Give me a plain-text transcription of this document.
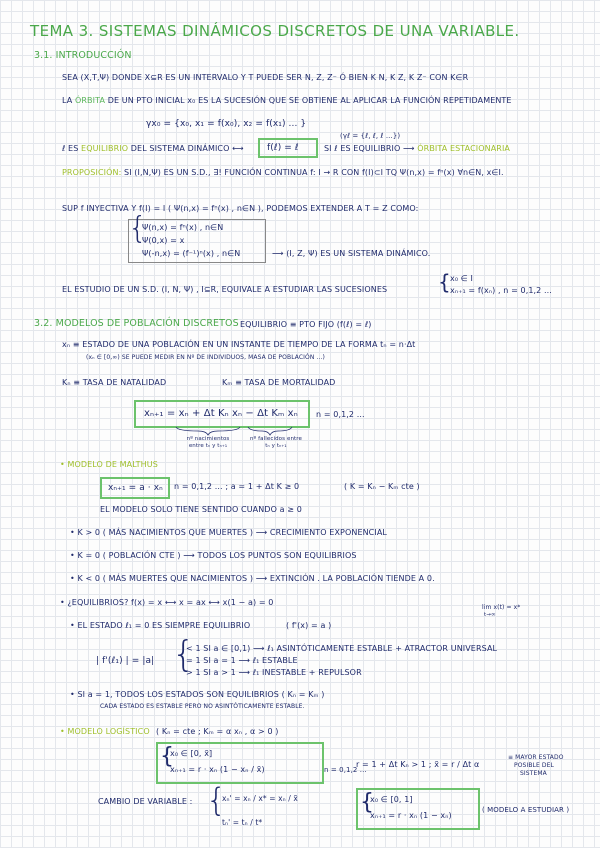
TEMA 3. SISTEMAS DINÁMICOS DISCRETOS DE UNA VARIABLE.
3.1. INTRODUCCIÓN
SEA (X,T,Ψ) DONDE X⊆R ES UN INTERVALO Y T PUEDE SER N, Z, Z⁻ Ó BIEN K N, K Z, K Z⁻ CON K∈R
LA ÓRBITA DE UN PTO INICIAL x₀ ES LA SUCESIÓN QUE SE OBTIENE AL APLICAR LA FUNCIÓN REPETIDAMENTE
γx₀ = {x₀, x₁ = f(x₀), x₂ = f(x₁) ... }
(γℓ = {ℓ, ℓ, ℓ ...})
ℓ ES EQUILIBRIO DEL SISTEMA DINÁMICO ⟷	f(ℓ) = ℓ	SI ℓ ES EQUILIBRIO ⟶ ÓRBITA ESTACIONARIA
PROPOSICIÓN: SI (I,N,Ψ) ES UN S.D., ∃! FUNCIÓN CONTINUA f: I → R CON f(I)⊂I TQ Ψ(n,x) = fⁿ(x) ∀n∈N, x∈I.
SUP f INYECTIVA Y f(I) = I ( Ψ(n,x) = fⁿ(x) , n∈N ), PODEMOS EXTENDER A T = Z COMO:
{
Ψ(n,x) = fⁿ(x) , n∈N
Ψ(0,x) = x
Ψ(-n,x) = (f⁻¹)ⁿ(x) , n∈N	⟶ (I, Z, Ψ) ES UN SISTEMA DINÁMICO.
EL ESTUDIO DE UN S.D. (I, N, Ψ) , I⊆R, EQUIVALE A ESTUDIAR LAS SUCESIONES	{ x₀ ∈ I
xₙ₊₁ = f(xₙ) , n = 0,1,2 ...
3.2. MODELOS DE POBLACIÓN DISCRETOS EQUILIBRIO ≡ PTO FIJO (f(ℓ) = ℓ)
xₙ ≡ ESTADO DE UNA POBLACIÓN EN UN INSTANTE DE TIEMPO DE LA FORMA tₙ = n·Δt
(xₙ ∈ [0,∞) SE PUEDE MEDIR EN Nº DE INDIVIDUOS, MASA DE POBLACIÓN ...)
Kₙ ≡ TASA DE NATALIDAD	Kₘ ≡ TASA DE MORTALIDAD
xₙ₊₁ = xₙ + Δt Kₙ xₙ − Δt Kₘ xₙ n = 0,1,2 ...
nº nacimientos entre tₙ y tₙ₊₁
nº fallecidos entre tₙ y tₙ₊₁
• MODELO DE MALTHUS
xₙ₊₁ = a · xₙ n = 0,1,2 ... ; a = 1 + Δt K ≥ 0	( K = Kₙ − Kₘ cte )
EL MODELO SOLO TIENE SENTIDO CUANDO a ≥ 0
• K > 0 ( MÁS NACIMIENTOS QUE MUERTES ) ⟶ CRECIMIENTO EXPONENCIAL
• K = 0 ( POBLACIÓN CTE ) ⟶ TODOS LOS PUNTOS SON EQUILIBRIOS
• K < 0 ( MÁS MUERTES QUE NACIMIENTOS ) ⟶ EXTINCIÓN . LA POBLACIÓN TIENDE A 0.
• ¿EQUILIBRIOS? f(x) = x ⟷ x = ax ⟷ x(1 − a) = 0
lim x(t) = x*
t→∞
• EL ESTADO ℓ₁ = 0 ES SIEMPRE EQUILIBRIO	( f'(x) = a )
| f'(ℓ₁) | = |a| {
< 1 SI a ∈ [0,1) ⟶ ℓ₁ ASINTÓTICAMENTE ESTABLE + ATRACTOR UNIVERSAL
= 1 SI a = 1 ⟶ ℓ₁ ESTABLE
> 1 SI a > 1 ⟶ ℓ₁ INESTABLE + REPULSOR
• SI a = 1, TODOS LOS ESTADOS SON EQUILIBRIOS ( Kₙ = Kₘ )
CADA ESTADO ES ESTABLE PERO NO ASINTÓTICAMENTE ESTABLE.
• MODELO LOGÍSTICO ( Kₙ = cte ; Kₘ = α xₙ , α > 0 )
{
x₀ ∈ [0, x̃]
xₙ₊₁ = r · xₙ (1 − xₙ / x̃)	n = 0,1,2 ...
r = 1 + Δt Kₙ > 1 ; x̃ = r / Δt α
≡ MAYOR ESTADO
POSIBLE DEL
SISTEMA
CAMBIO DE VARIABLE : {
xₙ' = xₙ / x* = xₙ / x̃
tₙ' = tₙ / t*
{
x₀ ∈ [0, 1]
xₙ₊₁ = r · xₙ (1 − xₙ)
( MODELO A ESTUDIAR )
